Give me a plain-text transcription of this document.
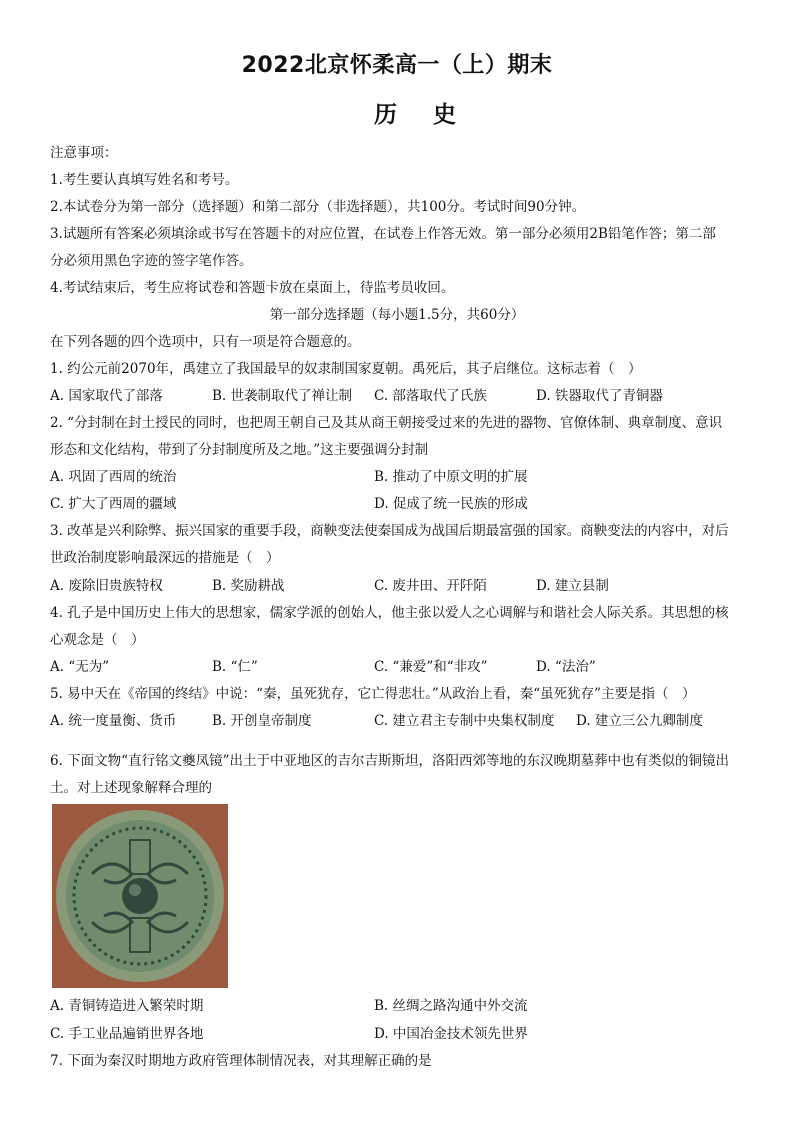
2022北京怀柔高一（上）期末
历史
注意事项：
1.考生要认真填写姓名和考号。
2.本试卷分为第一部分（选择题）和第二部分（非选择题），共100分。考试时间90分钟。
3.试题所有答案必须填涂或书写在答题卡的对应位置，在试卷上作答无效。第一部分必须用2B铅笔作答；第二部
分必须用黑色字迹的签字笔作答。
4.考试结束后，考生应将试卷和答题卡放在桌面上，待监考员收回。
第一部分选择题（每小题1.5分，共60分）
在下列各题的四个选项中，只有一项是符合题意的。
1. 约公元前2070年，禹建立了我国最早的奴隶制国家夏朝。禹死后，其子启继位。这标志着（　）
A. 国家取代了部落	B. 世袭制取代了禅让制 C. 部落取代了氏族	D. 铁器取代了青铜器
2. “分封制在封土授民的同时，也把周王朝自己及其从商王朝接受过来的先进的器物、官僚体制、典章制度、意识
形态和文化结构，带到了分封制度所及之地。”这主要强调分封制
A. 巩固了西周的统治	B. 推动了中原文明的扩展
C. 扩大了西周的疆域	D. 促成了统一民族的形成
3. 改革是兴利除弊、振兴国家的重要手段，商鞅变法使秦国成为战国后期最富强的国家。商鞅变法的内容中，对后
世政治制度影响最深远的措施是（　）
A. 废除旧贵族特权	B. 奖励耕战	C. 废井田、开阡陌	D. 建立县制
4. 孔子是中国历史上伟大的思想家，儒家学派的创始人，他主张以爱人之心调解与和谐社会人际关系。其思想的核
心观念是（　）
A. “无为”	B. “仁”	C. “兼爱”和“非攻”	D. “法治”
5. 易中天在《帝国的终结》中说：“秦，虽死犹存，它亡得悲壮。”从政治上看，秦“虽死犹存”主要是指（　）
A. 统一度量衡、货币	B. 开创皇帝制度	C. 建立君主专制中央集权制度 D. 建立三公九卿制度
6. 下面文物“直行铭文夔凤镜”出土于中亚地区的吉尔吉斯斯坦，洛阳西郊等地的东汉晚期墓葬中也有类似的铜镜出
土。对上述现象解释合理的
A. 青铜铸造进入繁荣时期	B. 丝绸之路沟通中外交流
C. 手工业品遍销世界各地	D. 中国冶金技术领先世界
7. 下面为秦汉时期地方政府管理体制情况表，对其理解正确的是
